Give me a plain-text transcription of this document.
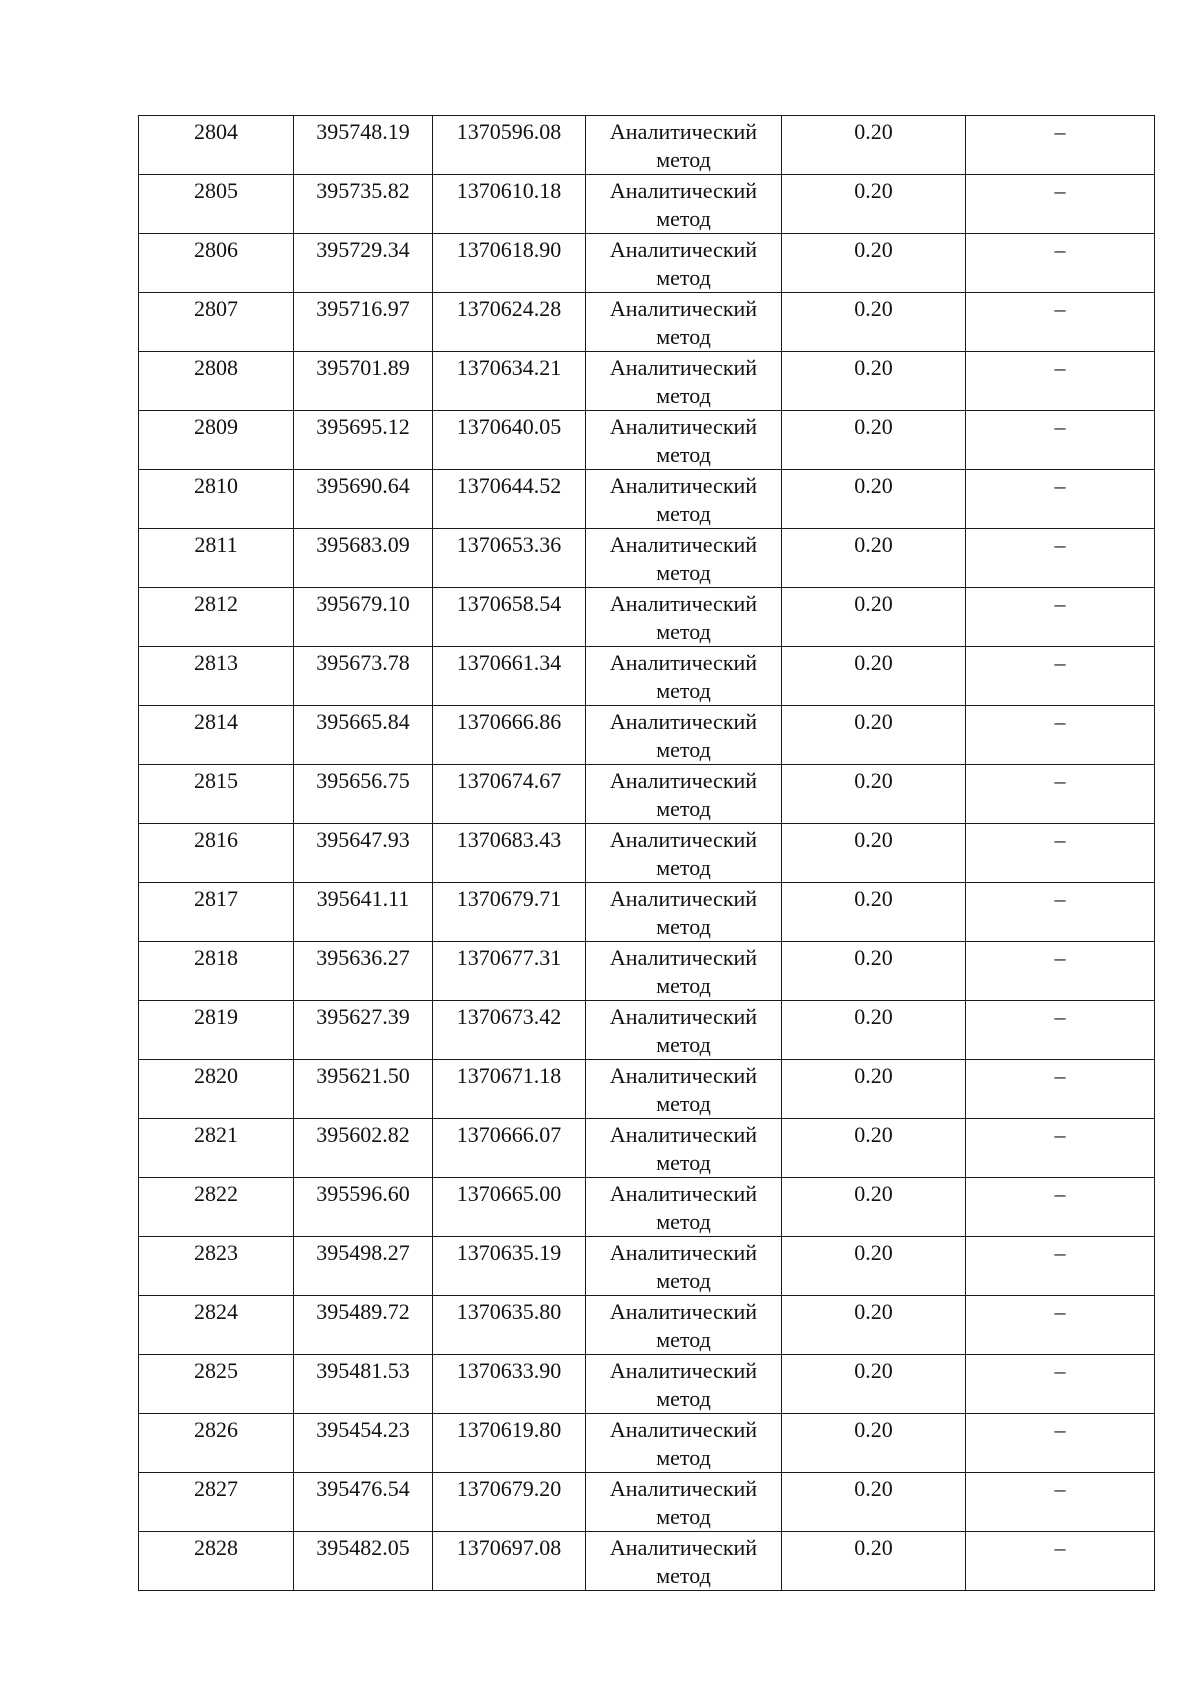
2804	395748.19	1370596.08	Аналитический метод	0.20	–

2805	395735.82	1370610.18	Аналитический метод	0.20	–

2806	395729.34	1370618.90	Аналитический метод	0.20	–

2807	395716.97	1370624.28	Аналитический метод	0.20	–

2808	395701.89	1370634.21	Аналитический метод	0.20	–

2809	395695.12	1370640.05	Аналитический метод	0.20	–

2810	395690.64	1370644.52	Аналитический метод	0.20	–

2811	395683.09	1370653.36	Аналитический метод	0.20	–

2812	395679.10	1370658.54	Аналитический метод	0.20	–

2813	395673.78	1370661.34	Аналитический метод	0.20	–

2814	395665.84	1370666.86	Аналитический метод	0.20	–

2815	395656.75	1370674.67	Аналитический метод	0.20	–

2816	395647.93	1370683.43	Аналитический метод	0.20	–

2817	395641.11	1370679.71	Аналитический метод	0.20	–

2818	395636.27	1370677.31	Аналитический метод	0.20	–

2819	395627.39	1370673.42	Аналитический метод	0.20	–

2820	395621.50	1370671.18	Аналитический метод	0.20	–

2821	395602.82	1370666.07	Аналитический метод	0.20	–

2822	395596.60	1370665.00	Аналитический метод	0.20	–

2823	395498.27	1370635.19	Аналитический метод	0.20	–

2824	395489.72	1370635.80	Аналитический метод	0.20	–

2825	395481.53	1370633.90	Аналитический метод	0.20	–

2826	395454.23	1370619.80	Аналитический метод	0.20	–

2827	395476.54	1370679.20	Аналитический метод	0.20	–

2828	395482.05	1370697.08	Аналитический метод	0.20	–
